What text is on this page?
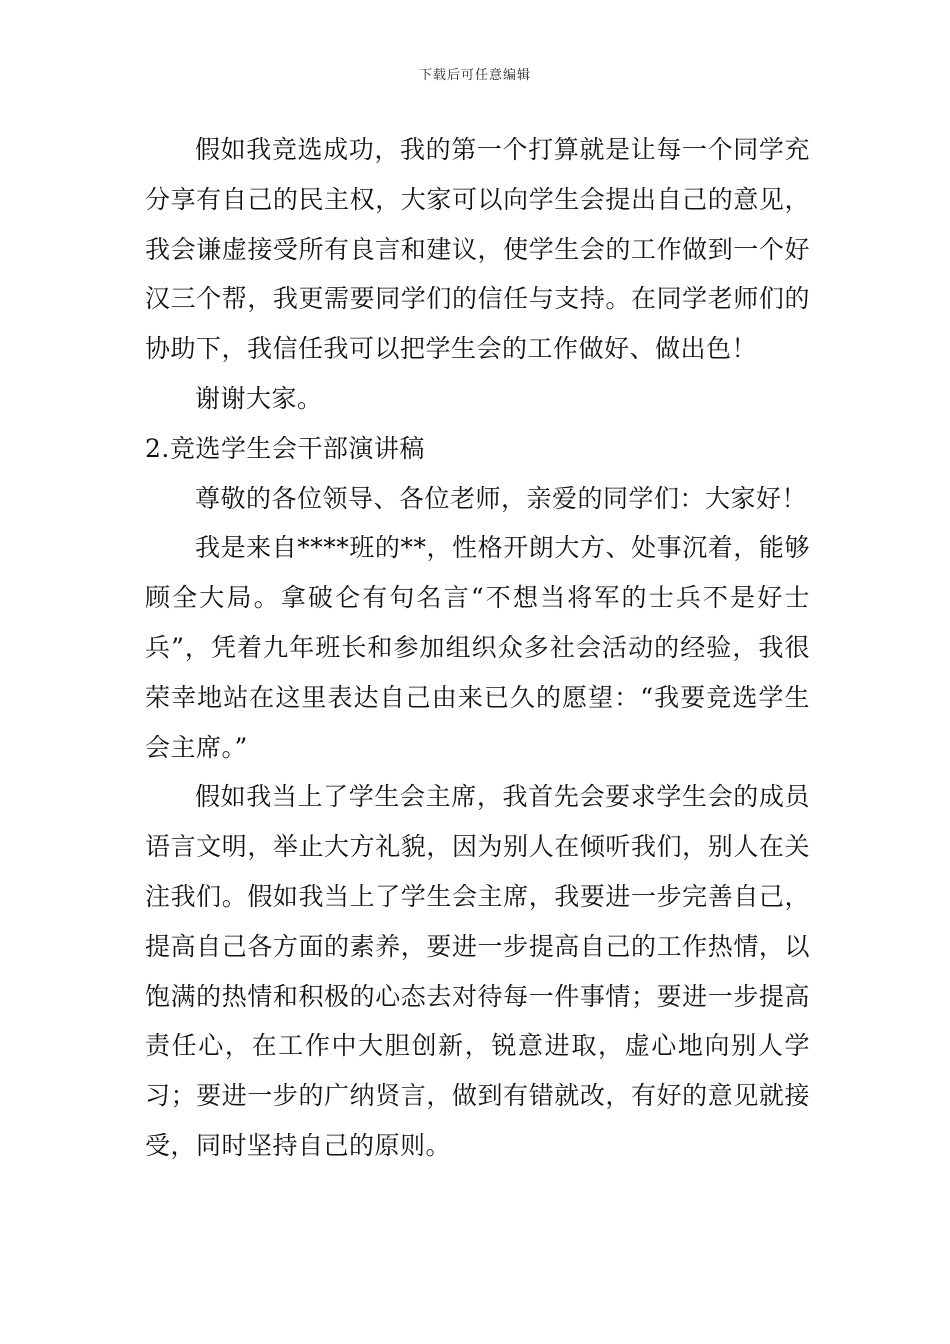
下载后可任意编辑

假如我竞选成功，我的第一个打算就是让每一个同学充分享有自己的民主权，大家可以向学生会提出自己的意见，我会谦虚接受所有良言和建议，使学生会的工作做到一个好汉三个帮，我更需要同学们的信任与支持。在同学老师们的协助下，我信任我可以把学生会的工作做好、做出色！

谢谢大家。

2.竞选学生会干部演讲稿

尊敬的各位领导、各位老师，亲爱的同学们：大家好！

我是来自****班的**，性格开朗大方、处事沉着，能够顾全大局。拿破仑有句名言“不想当将军的士兵不是好士兵”，凭着九年班长和参加组织众多社会活动的经验，我很荣幸地站在这里表达自己由来已久的愿望：“我要竞选学生会主席。”

假如我当上了学生会主席，我首先会要求学生会的成员语言文明，举止大方礼貌，因为别人在倾听我们，别人在关注我们。假如我当上了学生会主席，我要进一步完善自己，提高自己各方面的素养，要进一步提高自己的工作热情，以饱满的热情和积极的心态去对待每一件事情；要进一步提高责任心，在工作中大胆创新，锐意进取，虚心地向别人学习；要进一步的广纳贤言，做到有错就改，有好的意见就接受，同时坚持自己的原则。
